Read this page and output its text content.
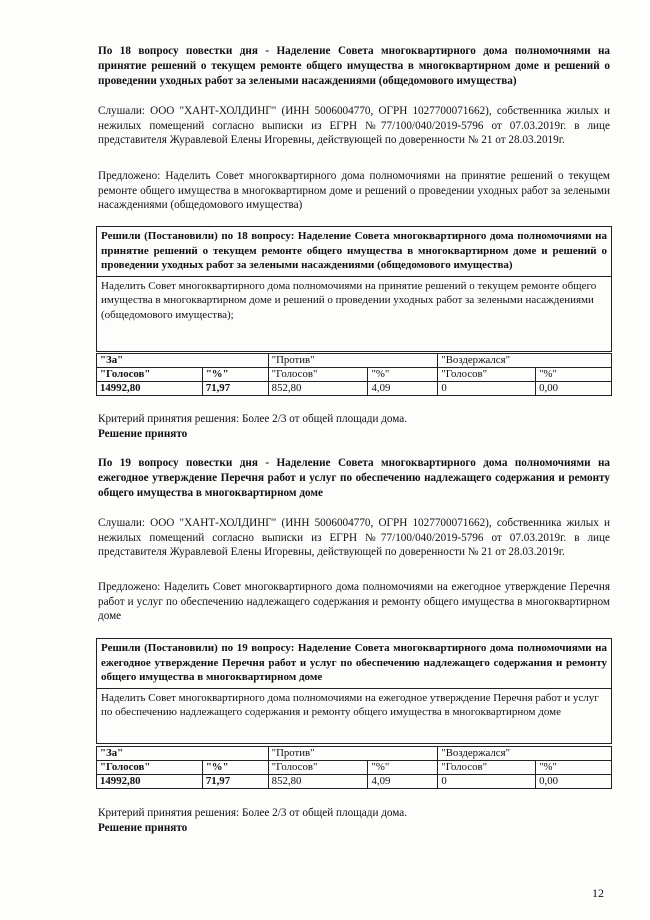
По 18 вопросу повестки дня - Наделение Совета многоквартирного дома полномочиями на принятие решений о текущем ремонте общего имущества в многоквартирном доме и решений о проведении уходных работ за зелеными насаждениями (общедомового имущества)

Слушали: ООО "ХАНТ-ХОЛДИНГ" (ИНН 5006004770, ОГРН 1027700071662), собственника жилых и нежилых помещений согласно выписки из ЕГРН №77/100/040/2019-5796 от 07.03.2019г. в лице представителя Журавлевой Елены Игоревны, действующей по доверенности № 21 от 28.03.2019г.

Предложено: Наделить Совет многоквартирного дома полномочиями на принятие решений о текущем ремонте общего имущества в многоквартирном доме и решений о проведении уходных работ за зелеными насаждениями (общедомового имущества)

Решили (Постановили) по 18 вопросу: Наделение Совета многоквартирного дома полномочиями на принятие решений о текущем ремонте общего имущества в многоквартирном доме и решений о проведении уходных работ за зелеными насаждениями (общедомового имущества)

Наделить Совет многоквартирного дома полномочиями на принятие решений о текущем ремонте общего имущества в многоквартирном доме и решений о проведении уходных работ за зелеными насаждениями (общедомового имущества);

"За"		"Против"		"Воздержался"	
"Голосов"	"%"	"Голосов"	"%"	"Голосов"	"%"
14992,80	71,97	852,80	4,09	0	0,00

Критерий принятия решения: Более 2/3 от общей площади дома.

Решение принято

По 19 вопросу повестки дня - Наделение Совета многоквартирного дома полномочиями на ежегодное утверждение Перечня работ и услуг по обеспечению надлежащего содержания и ремонту общего имущества в многоквартирном доме

Слушали: ООО "ХАНТ-ХОЛДИНГ" (ИНН 5006004770, ОГРН 1027700071662), собственника жилых и нежилых помещений согласно выписки из ЕГРН №77/100/040/2019-5796 от 07.03.2019г. в лице представителя Журавлевой Елены Игоревны, действующей по доверенности № 21 от 28.03.2019г.

Предложено: Наделить Совет многоквартирного дома полномочиями на ежегодное утверждение Перечня работ и услуг по обеспечению надлежащего содержания и ремонту общего имущества в многоквартирном доме

Решили (Постановили) по 19 вопросу: Наделение Совета многоквартирного дома полномочиями на ежегодное утверждение Перечня работ и услуг по обеспечению надлежащего содержания и ремонту общего имущества в многоквартирном доме

Наделить Совет многоквартирного дома полномочиями на ежегодное утверждение Перечня работ и услуг по обеспечению надлежащего содержания и ремонту общего имущества в многоквартирном доме

"За"		"Против"		"Воздержался"	
"Голосов"	"%"	"Голосов"	"%"	"Голосов"	"%"
14992,80	71,97	852,80	4,09	0	0,00

Критерий принятия решения: Более 2/3 от общей площади дома.

Решение принято

12
